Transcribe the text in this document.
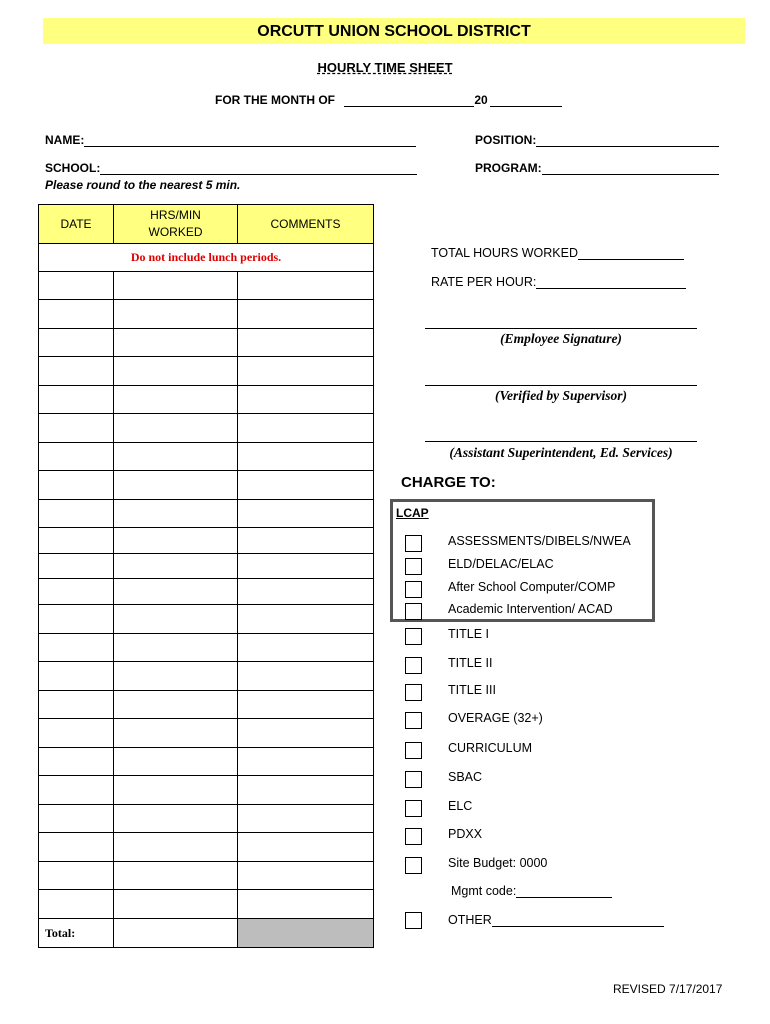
ORCUTT UNION SCHOOL DISTRICT
HOURLY TIME SHEET
FOR THE MONTH OF	20
NAME:	POSITION:
SCHOOL:	PROGRAM:
Please round to the nearest 5 min.
DATE	HRS/MIN WORKED	COMMENTS
Do not include lunch periods.		

Total:		
TOTAL HOURS WORKED
RATE PER HOUR:
(Employee Signature)
(Verified by Supervisor)
(Assistant Superintendent, Ed. Services)
CHARGE TO:
LCAP
ASSESSMENTS/DIBELS/NWEA
ELD/DELAC/ELAC
After School Computer/COMP
Academic Intervention/ ACAD
TITLE I
TITLE II
TITLE III
OVERAGE (32+)
CURRICULUM
SBAC
ELC
PDXX
Site Budget: 0000
Mgmt code:
OTHER
REVISED 7/17/2017
